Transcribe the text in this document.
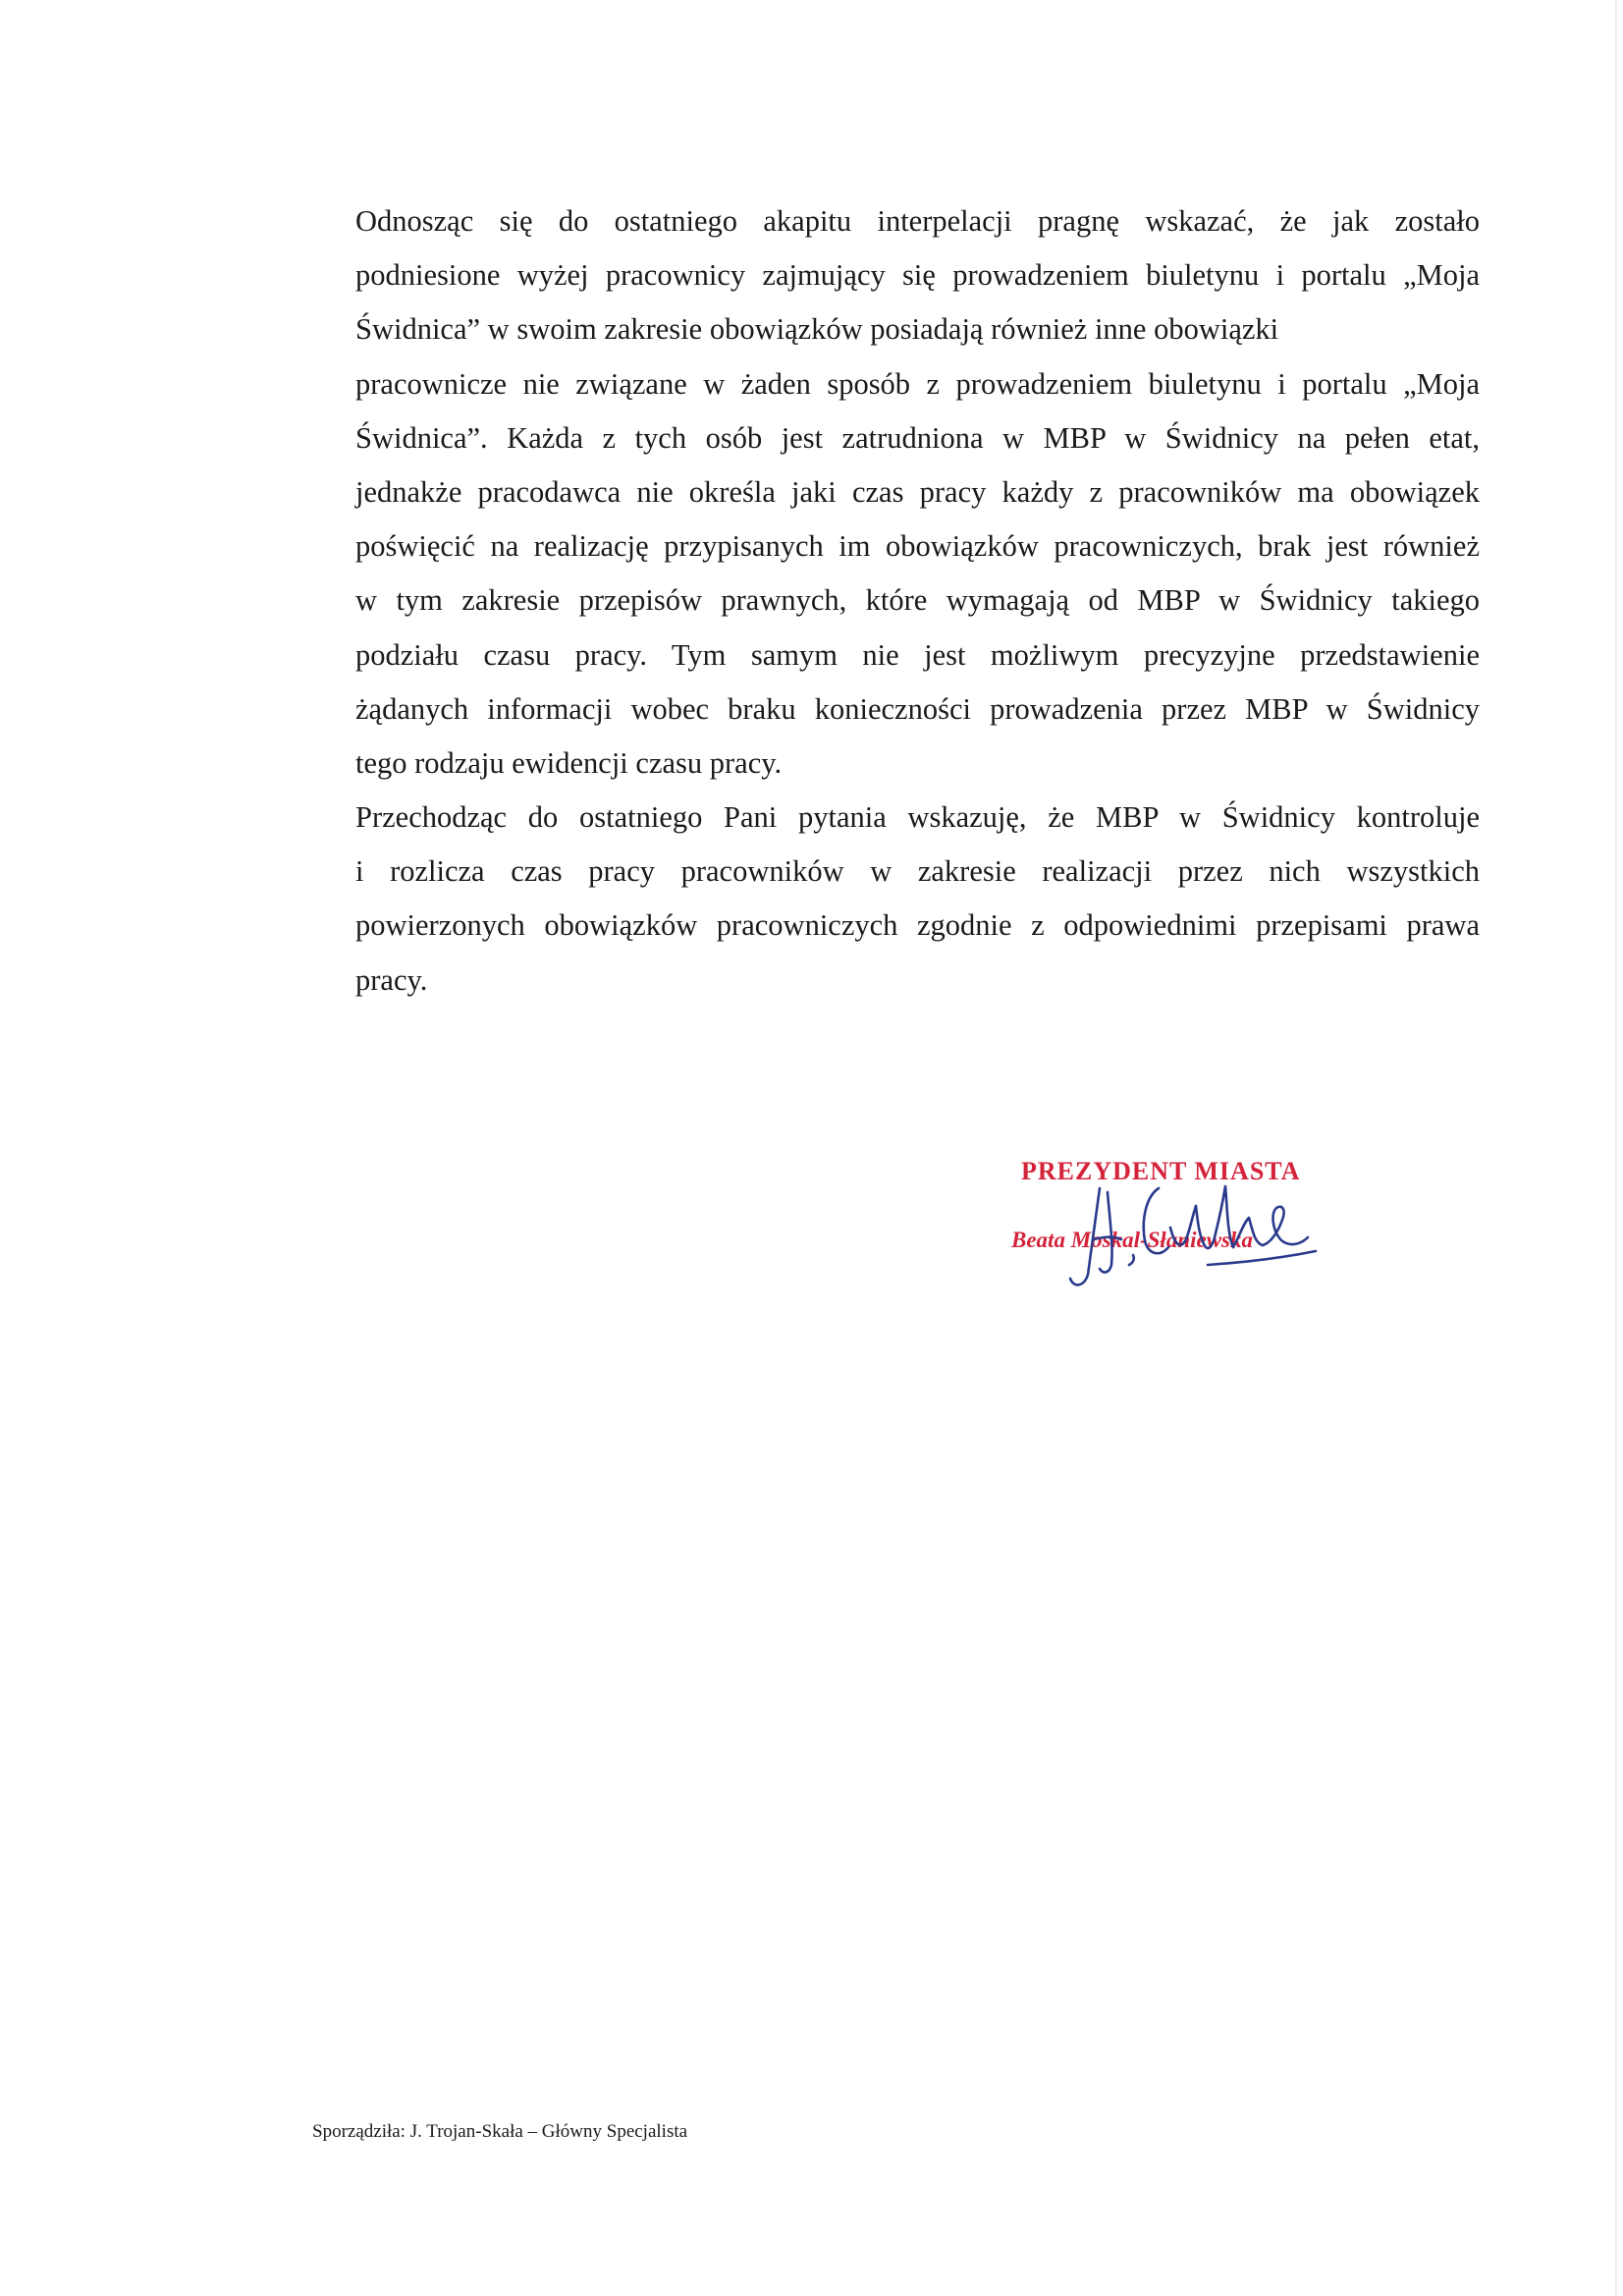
Odnosząc się do ostatniego akapitu interpelacji pragnę wskazać, że jak zostało
podniesione wyżej pracownicy zajmujący się prowadzeniem biuletynu i portalu „Moja
Świdnica” w swoim zakresie obowiązków posiadają również inne obowiązki
pracownicze nie związane w żaden sposób z prowadzeniem biuletynu i portalu „Moja
Świdnica”. Każda z tych osób jest zatrudniona w MBP w Świdnicy na pełen etat,
jednakże pracodawca nie określa jaki czas pracy każdy z pracowników ma obowiązek
poświęcić na realizację przypisanych im obowiązków pracowniczych, brak jest również
w tym zakresie przepisów prawnych, które wymagają od MBP w Świdnicy takiego
podziału czasu pracy. Tym samym nie jest możliwym precyzyjne przedstawienie
żądanych informacji wobec braku konieczności prowadzenia przez MBP w Świdnicy
tego rodzaju ewidencji czasu pracy.

Przechodząc do ostatniego Pani pytania wskazuję, że MBP w Świdnicy kontroluje
i rozlicza czas pracy pracowników w zakresie realizacji przez nich wszystkich
powierzonych obowiązków pracowniczych zgodnie z odpowiednimi przepisami prawa
pracy.

PREZYDENT MIASTA
Beata Moskal-Słaniewska
Sporządziła: J. Trojan-Skała – Główny Specjalista
